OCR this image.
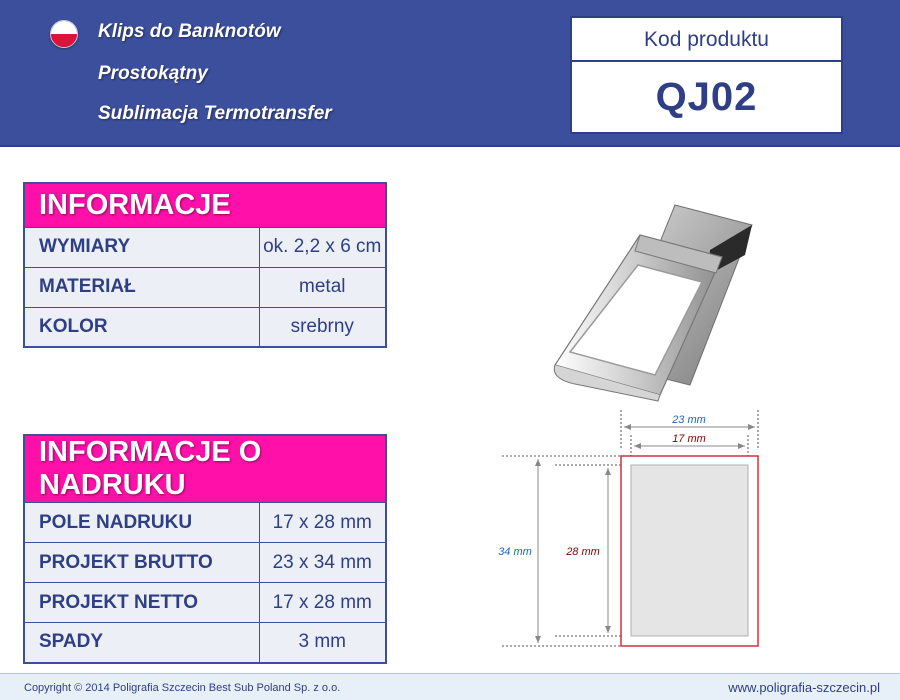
Klips do Banknotów
Prostokątny
Sublimacja Termotransfer
Kod produktu
QJ02
INFORMACJE	
WYMIARY	ok. 2,2 x 6 cm
MATERIAŁ	metal
KOLOR	srebrny
INFORMACJE O NADRUKU	
POLE NADRUKU	17 x 28 mm
PROJEKT BRUTTO	23 x 34 mm
PROJEKT NETTO	17 x 28 mm
SPADY	3 mm
23 mm
17 mm
34 mm	28 mm
Copyright © 2014 Poligrafia Szczecin Best Sub Poland Sp. z o.o.	www.poligrafia-szczecin.pl
